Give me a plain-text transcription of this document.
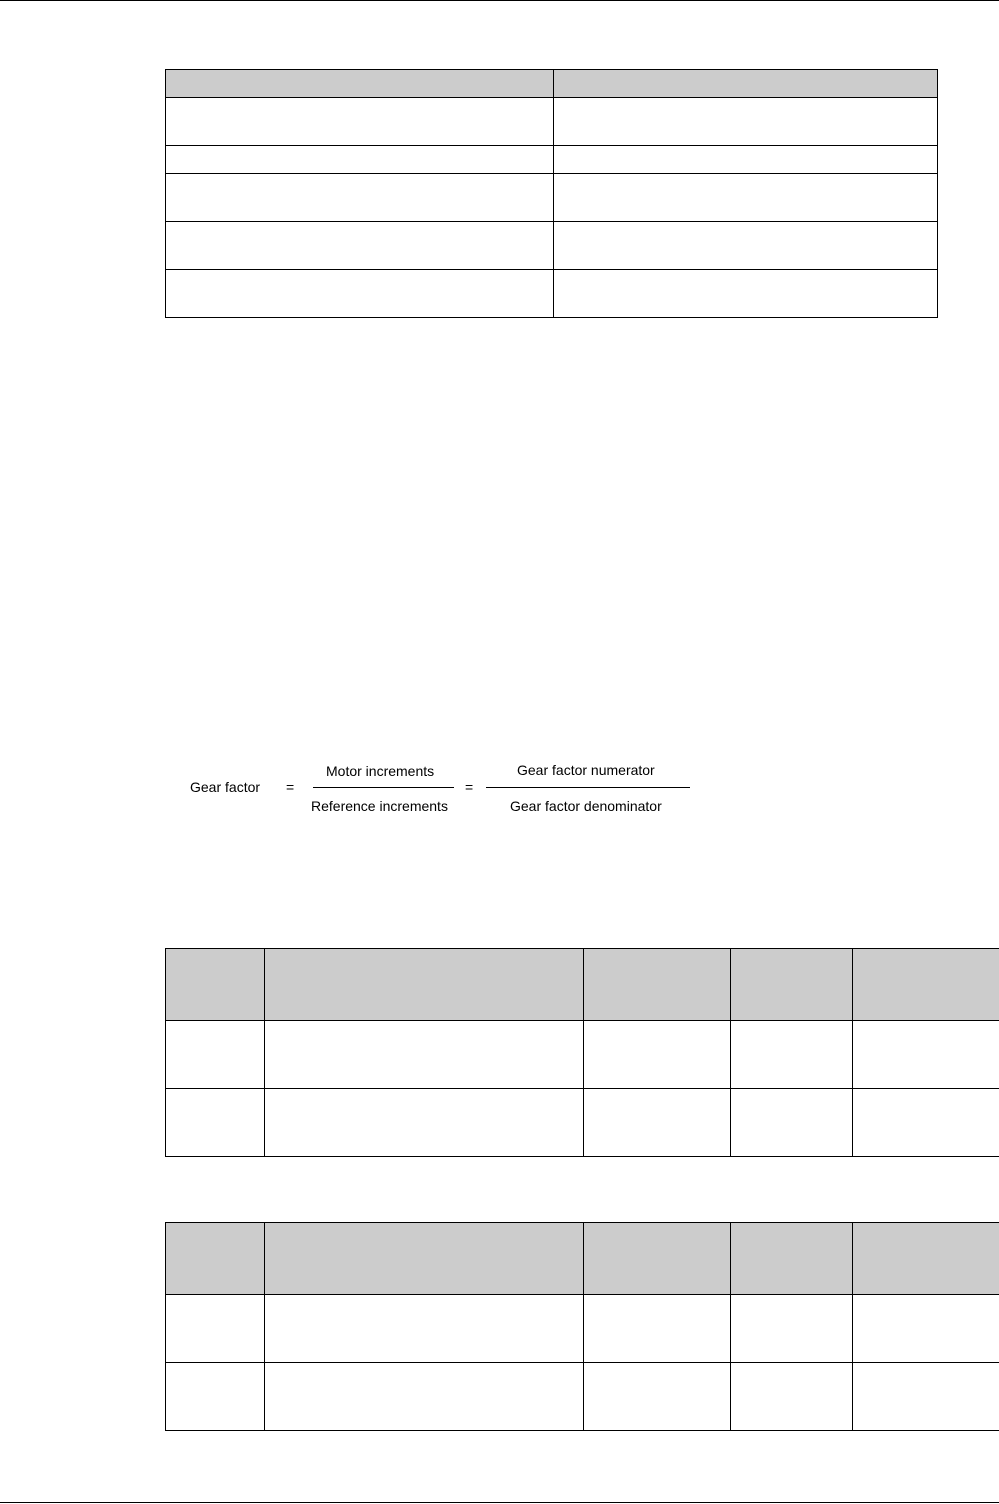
Gear factor =
Motor increments
Reference increments
=
Gear factor numerator
Gear factor denominator
